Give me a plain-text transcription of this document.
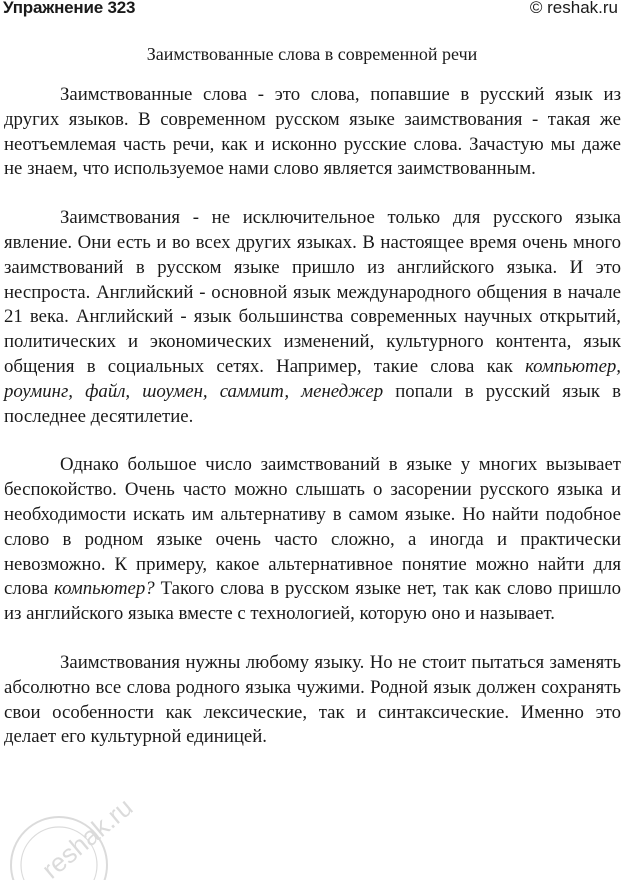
Упражнение 323	© reshak.ru
Заимствованные слова в современной речи

Заимствованные слова - это слова, попавшие в русский язык из других языков. В современном русском языке заимствования - такая же неотъемлемая часть речи, как и исконно русские слова. Зачастую мы даже не знаем, что используемое нами слово является заимствованным.

Заимствования - не исключительное только для русского языка явление. Они есть и во всех других языках. В настоящее время очень много заимствований в русском языке пришло из английского языка. И это неспроста. Английский - основной язык международного общения в начале 21 века. Английский - язык большинства современных научных открытий, политических и экономических изменений, культурного контента, язык общения в социальных сетях. Например, такие слова как компьютер, роуминг, файл, шоумен, саммит, менеджер попали в русский язык в последнее десятилетие.

Однако большое число заимствований в языке у многих вызывает беспокойство. Очень часто можно слышать о засорении русского языка и необходимости искать им альтернативу в самом языке. Но найти подобное слово в родном языке очень часто сложно, а иногда и практически невозможно. К примеру, какое альтернативное понятие можно найти для слова компьютер? Такого слова в русском языке нет, так как слово пришло из английского языка вместе с технологией, которую оно и называет.

Заимствования нужны любому языку. Но не стоит пытаться заменять абсолютно все слова родного языка чужими. Родной язык должен сохранять свои особенности как лексические, так и синтаксические. Именно это делает его культурной единицей.

reshak.ru
